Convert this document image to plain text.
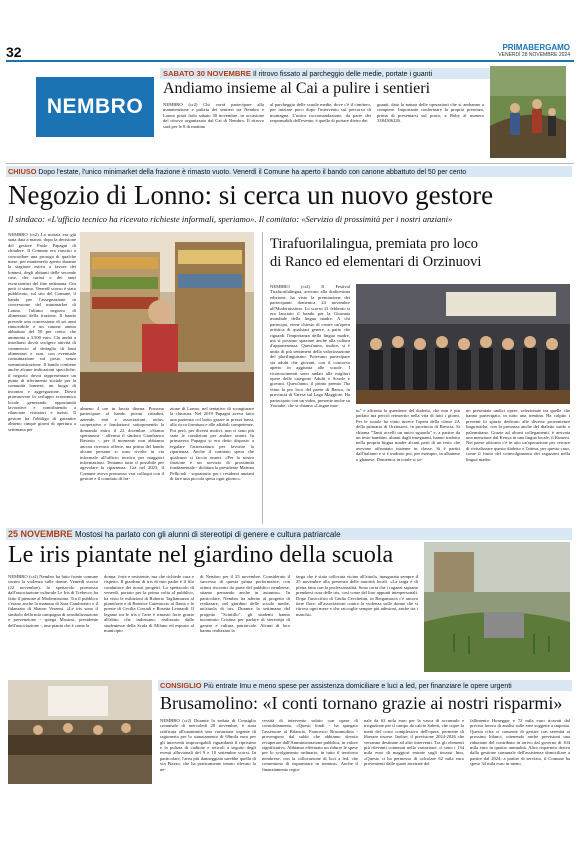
32	PRIMABERGAMO
VENERDÌ 28 NOVEMBRE 2024
NEMBRO
SABATO 30 NOVEMBRE Il ritrovo fissato al parcheggio delle medie, portate i guanti
Andiamo insieme al Cai a pulire i sentieri
NEMBRO (cr2) Chi vorrà partecipare alla manutenzione e pulizia dei sentieri tra Nembro e Lonno potrà farlo sabato 30 novembre, in occasione del ritrovo organizzato dal Cai di Nembro. Il ritrovo sarà per le 8 di mattina
al parcheggio delle scuole medie, dove c'è il cimitero, per iniziare poco dopo l'intervento sul percorso di montagna. L'unica raccomandazione, da parte dei responsabili dell'evento, è quella di portare dietro dei
guanti, data la natura delle operazioni che si andranno a compiere. Importante confermare la propria presenza, prima di presentarsi sul posto, a Roby al numero 3384306226.
CHIUSO Dopo l'estate, l'unico minimarket della frazione è rimasto vuoto. Venerdì il Comune ha aperto il bando con canone abbattuto del 50 per cento
Negozio di Lonno: si cerca un nuovo gestore
Il sindaco: «L'ufficio tecnico ha ricevuto richieste informali, speriamo». Il comitato: «Servizio di prossimità per i nostri anziani»
NEMBRO (cr2) La notizia era già stata data a marzo, dopo la decisione del gestore Paolo Papagni di chiudere. Il Comune era riuscito a concordare una proroga di qualche mese, per mantenerlo aperto durante la stagione estiva a favore dei lonnesi, degli abitanti delle seconde case, dei turisti e dei tanti escursionisti del fine settimana. Ora però ci siamo. Venerdì scorso è stato pubblicato, sul sito del Comune, il bando per l'assegnazione in concessione del minimarket di Lonno, l'ultimo negozio di alimentari della frazione. Il bando prevede una concessione di sei anni rinnovabile e un canone annuo abbattuto del 50 per cento, che ammonta a 3.500 euro. Chi andrà a insediarsi dovrà svolgere attività di commercio al dettaglio di beni alimentari e non, con eventuale consumazione sul posto senza somministrazione. Il bando contiene anche alcune indicazioni specifiche: il negozio dovrà rappresentare un punto di riferimento sociale per la comunità lonnese, un luogo di incontro e aggregazione. Dovrà promuovere lo sviluppo economico locale generando opportunità lavorative e contribuendo a rilanciare visitatori e turisti. Il gestore ha l'obbligo di garantire almeno cinque giorni di apertura a settimana per
almeno 4 ore in fascia diurna. Possono partecipare al bando privati cittadini, aziende, enti e associazioni, onlus, cooperative e fondazioni: sottoponendo la domanda entro il 22 dicembre. «Siamo speranzosi - afferma il sindaco Gianfranco Ravasio -, per il momento non abbiamo ancora ricevuto offerte, ma prima del bando alcune persone si sono rivolte in via informale all'ufficio tecnico per maggiori informazioni. Teniamo tutto il possibile per agevolare la ripartenza. Già nel 2023, il Comune aveva promosso vari colloqui con il gestore e il comitato di fra-
zione di Lonno, nel tentativo di scongiurare la chiusura. Nel 2019 Papagni aveva fatto una partenza col botto grazie ai prezzi bassi, alla ricca fornitura e alle affabili competenze. Poi però, per diversi motivi, non ci sono più state le condizioni per andare avanti. In primavera Papagni si era detto disposto a regalare l'attrezzatura per favorire la ripartenza. Anche il comitato spera che qualcuno si faccia avanti. «Per la nostra frazione è un servizio di prossimità fondamentale - dichiara la presidente Martina Pellicioli - soprattutto per i residenti anziani di fare una piccola spesa ogni giorno».
Tirafuorilalingua, premiata pro loco
di Ranco ed elementari di Orzinuovi
NEMBRO (cr2) Il Festival Tirafuorilalingua, arrivato alla dodicesima edizione, ha visto la premiazione dei partecipanti domenica 24 novembre all'Modernissimo. Lo scorso 21 febbraio si era lanciato il bando per la Giornata mondiale della lingua madre. A chi partecipa, viene chiesto di creare un'opera artistica di qualsiasi genere, a patto che riguardi l'importanza della lingua madre, ma si possono spaziare anche alla cultura d'appartenenza. Quest'anno, inoltre, si è unito di più sentiment della valorizzazione del plurilinguismo. Potevano partecipare sia adulti che giovani, con il concorso aperto in aggiunta alle scuole. I riconoscimenti sono andati alle migliori opere delle categorie Adulti e Scuole e giovani. Quest'anno, il primo premio l'ha vinto la pro loco del paese di Ranco, in provincia di Varese sul Lago Maggiore. Ha partecipato con un video, presente anche su Youtube, che si chiama «Lingue mar-
tu" e affronta la questione del dialetto, che non è più parlato ma perciò reinserito nella vita di tutti i giorni. Per le scuole ha vinto invece l'opera della classe 2A della primaria di Orzinuovi, in provincia di Brescia. Si chiama "Tanti accelli un unico sguardo" e, a partire da un testo bambini, alunni dagli insegnanti, hanno tradotto nella propria lingua madre alcuni parti di un testo che avevano affrontato insieme in classe. Si è partiti dall'italiano e si è tradotto poi, per esempio, in albanese o ghanese. Domenica in totale si so-
no presentate undici opere, selezionate tra quelle che hanno partecipato, in tutto una trentina. Ha colpito i presenti lo spazio dedicato alle diverse provenienze linguistiche, con la presenza anche del dialetto sardo o palermitano. Grazie ad alcuni collegamenti, è arrivata una menzione dal Kenya in una lingua locale, il Kimeru. Nei paese africano c'è in atto un'operazione per cercare di rivitalizzare questo dialetto e l'attesa, per questo caso, come il frutto del coinvolgimento dei ragazzini nella lingua madre.
25 NOVEMBRE Mostosi ha parlato con gli alunni di stereotipi di genere e cultura patriarcale
Le iris piantate nel giardino della scuola
NEMBRO (cr2) Nembro ha fatto fronte comune contro la violenza sulle donne. Venerdì scorso (22 novembre), lo spettacolo promosso dall'associazione culturale Le Iris di Trebecco ha fatto il pienone al Modernissimo. Tra il pubblico c'erano anche la mamma di Sara Cambirasio e il fidanzato di Sharon Verzeni. «Le iris sono il simbolo della mia campagna di sensibilizzazione e prevenzione - spiega Mostosi, presidente dell'associazione -, una pianta che è come la
donna: forte e resistente, ma che richiede cura e rispetto. Il giardino di iris di mio padre è il filo conduttore dei nostri progetti. Lo spettacolo di venerdì, portato per la prima volta al pubblico, ha visto le esibizioni di Roberto Tagliamazzo al pianoforte e di Beatrice Catenaccio al flauto e le poesie di Cecilia Corradi e Rosetta Leonardi. Il legame tra le iris e l'arte è rimasto forte grazie all'abito che indossano, realizzato dalle studentesse della Scala di Milano ed esposto al municipio
di Nembro per il 25 novembre. Considerato il successo di questa prima performance, con ottimi riscontri da parte del pubblico nembrese, stiamo pensando anche in autunno». In particolare, Nembro ha aderito al progetto di realizzare, nel giardino delle scuole medie, un'aiuola di iris. Durante la settimana del progetto "Scintillo", gli studenti hanno incontrato Cristina per parlare di stereotipi di genere e cultura patriarcale. Alcuni di loro hanno realizzato la
targa che è stata collocata vicino all'aiuola, inaugurata sempre il 25 novembre alla presenza delle autorità locali. «La targa è di pietra fatta con la professionalità. Sono certa che i ragazzi saprano prendersi cura delle iris, così come del loro appunti interpersonali. Dopo l'uniccifrio di Giulia Cecchettin, in Bergamasca c'è ancora tiere flore: all'associazioni contro la violenza sulle donne che si ritrova ogni mese e che raccoglie sempre più adesioni, anche tra i maschi».
CONSIGLIO Più entrate Imu e meno spese per assistenza domiciliare e luci a led, per finanziare le opere urgenti
Brusamolino: «I conti tornano grazie ai nostri risparmi»
NEMBRO (cr2) Durante la seduta di Consiglio comunale di mercoledì 20 novembre, è stata ratificata all'unanimità una variazione urgente di ragioneria per lo stanziamento di 69mila euro per gli interventi improrogabili riguardanti il ripristino e la pulizia di caditoie e reticoli a seguito degli eventi alluvionali del 9 e 10 settembre scorsi. In particolare, l'area più danneggiata sarebbe quella di via Piazzo, che ha praticamente tenuto rilevato la ne-
cessità di intervento subito con opere di consolidamento. «Questi fondi - ha spiegato l'assessore al Bilancio, Francesco Brusamolino - provengono dal saldo che abbiamo dovuto recuperare dall'Amministrazione pubblica, in valore significativo. Abbiamo effettuato un ridurre le spese per lo svolgimento ordinario, in tutto il territorio nembrese, con la collocazione di luci a led, che consentono di risparmiare in termini». Anche il finanziamento regio-
nale da 63 mila euro per la vasca di accumulo e irrigazione per il campo da calcio Saletti, che copre la metà del costo complessivo dell'opera, permette di liberare risorse. Inoltre, il previsione 2024-2026 che verranno destinate ad altri interventi. Tra gli elementi più rilevanti contenuti nella variazione, ci sono i 134 mila euro di maggiori entrate sugli incassi Imu, «Questo ci ha permesso di calcolare 62 mila euro provenienti dalle quote arretrate del
fallimento Honegger e 72 mila euro ricavati dal preciso lavoro di analisi sulle aree soggette a imposta. Questa cifra ci consente di gestire con serenità ai prossimi bilanci, ottenendo anche previsioni una riduzione del contributo in arrivo dal governo di 104 mila euro in quattro annualità. Altro risparmio deriva dalla gestione comunale dell'assistenza domiciliare a partire dal 2024: a partire di servizio, il Comune ha speso 34 mila euro in meno.
